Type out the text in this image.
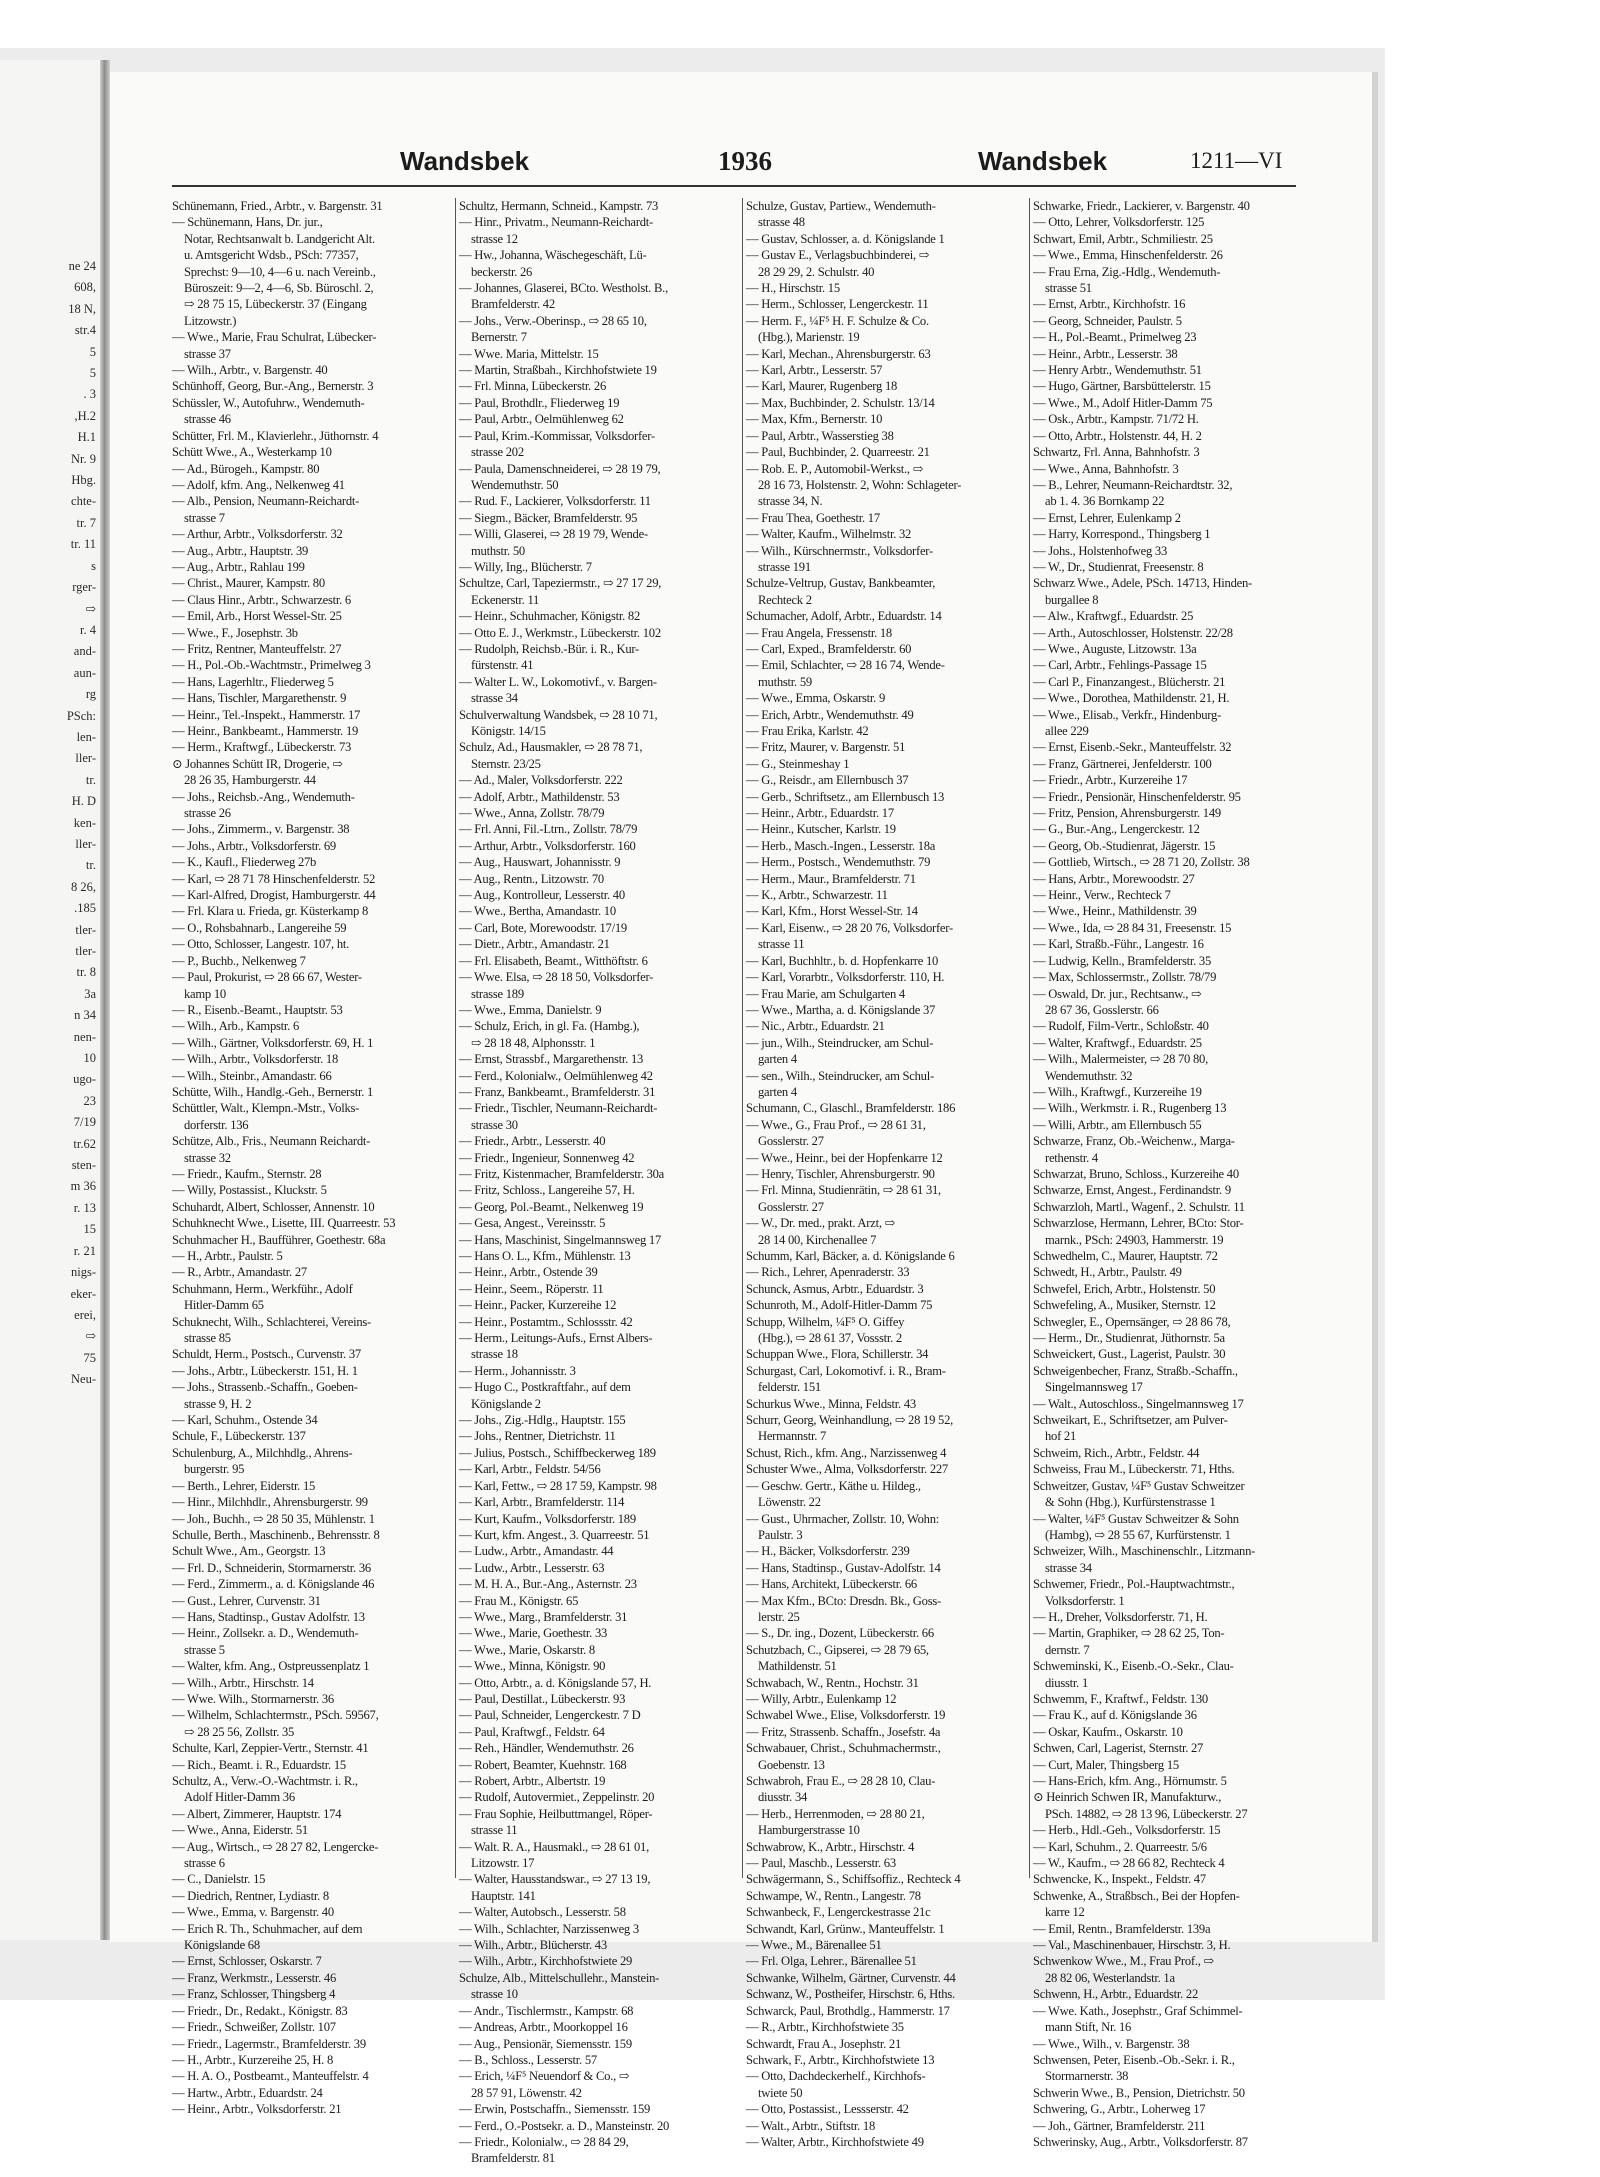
ne 24
608,
18 N,
str.4
5
5
. 3
,H.2
H.1
Nr. 9
Hbg.
chte-
tr. 7
tr. 11
s
rger-
⇨
r. 4
and-
aun-
rg
PSch:
len-
ller-
tr.
H. D
ken-
ller-
tr.
8 26,
.185
tler-
tler-
tr. 8
3a
n 34
nen-
10
ugo-
23
7/19
tr.62
sten-
m 36
r. 13
15
r. 21
nigs-
eker-
erei,
⇨
75
Neu-
Wandsbek	1936	Wandsbek	1211—VI
Schünemann, Fried., Arbtr., v. Bargenstr. 31
— Schünemann, Hans, Dr. jur.,
Notar, Rechtsanwalt b. Landgericht Alt.
u. Amtsgericht Wdsb., PSch: 77357,
Sprechst: 9—10, 4—6 u. nach Vereinb.,
Büroszeit: 9—2, 4—6, Sb. Büroschl. 2,
⇨ 28 75 15, Lübeckerstr. 37 (Eingang
Litzowstr.)
— Wwe., Marie, Frau Schulrat, Lübecker-
strasse 37
— Wilh., Arbtr., v. Bargenstr. 40
Schünhoff, Georg, Bur.-Ang., Bernerstr. 3
Schüssler, W., Autofuhrw., Wendemuth-
strasse 46
Schütter, Frl. M., Klavierlehr., Jüthornstr. 4
Schütt Wwe., A., Westerkamp 10
— Ad., Bürogeh., Kampstr. 80
— Adolf, kfm. Ang., Nelkenweg 41
— Alb., Pension, Neumann-Reichardt-
strasse 7
— Arthur, Arbtr., Volksdorferstr. 32
— Aug., Arbtr., Hauptstr. 39
— Aug., Arbtr., Rahlau 199
— Christ., Maurer, Kampstr. 80
— Claus Hinr., Arbtr., Schwarzestr. 6
— Emil, Arb., Horst Wessel-Str. 25
— Wwe., F., Josephstr. 3b
— Fritz, Rentner, Manteuffelstr. 27
— H., Pol.-Ob.-Wachtmstr., Primelweg 3
— Hans, Lagerhltr., Fliederweg 5
— Hans, Tischler, Margarethenstr. 9
— Heinr., Tel.-Inspekt., Hammerstr. 17
— Heinr., Bankbeamt., Hammerstr. 19
— Herm., Kraftwgf., Lübeckerstr. 73
⊙ Johannes Schütt IR, Drogerie, ⇨
28 26 35, Hamburgerstr. 44
— Johs., Reichsb.-Ang., Wendemuth-
strasse 26
— Johs., Zimmerm., v. Bargenstr. 38
— Johs., Arbtr., Volksdorferstr. 69
— K., Kaufl., Fliederweg 27b
— Karl, ⇨ 28 71 78 Hinschenfelderstr. 52
— Karl-Alfred, Drogist, Hamburgerstr. 44
— Frl. Klara u. Frieda, gr. Küsterkamp 8
— O., Rohsbahnarb., Langereihe 59
— Otto, Schlosser, Langestr. 107, ht.
— P., Buchb., Nelkenweg 7
— Paul, Prokurist, ⇨ 28 66 67, Wester-
kamp 10
— R., Eisenb.-Beamt., Hauptstr. 53
— Wilh., Arb., Kampstr. 6
— Wilh., Gärtner, Volksdorferstr. 69, H. 1
— Wilh., Arbtr., Volksdorferstr. 18
— Wilh., Steinbr., Amandastr. 66
Schütte, Wilh., Handlg.-Geh., Bernerstr. 1
Schüttler, Walt., Klempn.-Mstr., Volks-
dorferstr. 136
Schütze, Alb., Fris., Neumann Reichardt-
strasse 32
— Friedr., Kaufm., Sternstr. 28
— Willy, Postassist., Kluckstr. 5
Schuhardt, Albert, Schlosser, Annenstr. 10
Schuhknecht Wwe., Lisette, III. Quarreestr. 53
Schuhmacher H., Baufführer, Goethestr. 68a
— H., Arbtr., Paulstr. 5
— R., Arbtr., Amandastr. 27
Schuhmann, Herm., Werkführ., Adolf
Hitler-Damm 65
Schuknecht, Wilh., Schlachterei, Vereins-
strasse 85
Schuldt, Herm., Postsch., Curvenstr. 37
— Johs., Arbtr., Lübeckerstr. 151, H. 1
— Johs., Strassenb.-Schaffn., Goeben-
strasse 9, H. 2
— Karl, Schuhm., Ostende 34
Schule, F., Lübeckerstr. 137
Schulenburg, A., Milchhdlg., Ahrens-
burgerstr. 95
— Berth., Lehrer, Eiderstr. 15
— Hinr., Milchhdlr., Ahrensburgerstr. 99
— Joh., Buchh., ⇨ 28 50 35, Mühlenstr. 1
Schulle, Berth., Maschinenb., Behrensstr. 8
Schult Wwe., Am., Georgstr. 13
— Frl. D., Schneiderin, Stormarnerstr. 36
— Ferd., Zimmerm., a. d. Königslande 46
— Gust., Lehrer, Curvenstr. 31
— Hans, Stadtinsp., Gustav Adolfstr. 13
— Heinr., Zollsekr. a. D., Wendemuth-
strasse 5
— Walter, kfm. Ang., Ostpreussenplatz 1
— Wilh., Arbtr., Hirschstr. 14
— Wwe. Wilh., Stormarnerstr. 36
— Wilhelm, Schlachtermstr., PSch. 59567,
⇨ 28 25 56, Zollstr. 35
Schulte, Karl, Zeppier-Vertr., Sternstr. 41
— Rich., Beamt. i. R., Eduardstr. 15
Schultz, A., Verw.-O.-Wachtmstr. i. R.,
Adolf Hitler-Damm 36
— Albert, Zimmerer, Hauptstr. 174
— Wwe., Anna, Eiderstr. 51
— Aug., Wirtsch., ⇨ 28 27 82, Lengercke-
strasse 6
— C., Danielstr. 15
— Diedrich, Rentner, Lydiastr. 8
— Wwe., Emma, v. Bargenstr. 40
— Erich R. Th., Schuhmacher, auf dem
Königslande 68
— Ernst, Schlosser, Oskarstr. 7
— Franz, Werkmstr., Lesserstr. 46
— Franz, Schlosser, Thingsberg 4
— Friedr., Dr., Redakt., Königstr. 83
— Friedr., Schweißer, Zollstr. 107
— Friedr., Lagermstr., Bramfelderstr. 39
— H., Arbtr., Kurzereihe 25, H. 8
— H. A. O., Postbeamt., Manteuffelstr. 4
— Hartw., Arbtr., Eduardstr. 24
— Heinr., Arbtr., Volksdorferstr. 21
Schultz, Hermann, Schneid., Kampstr. 73
— Hinr., Privatm., Neumann-Reichardt-
strasse 12
— Hw., Johanna, Wäschegeschäft, Lü-
beckerstr. 26
— Johannes, Glaserei, BCto. Westholst. B.,
Bramfelderstr. 42
— Johs., Verw.-Oberinsp., ⇨ 28 65 10,
Bernerstr. 7
— Wwe. Maria, Mittelstr. 15
— Martin, Straßbah., Kirchhofstwiete 19
— Frl. Minna, Lübeckerstr. 26
— Paul, Brothdlr., Fliederweg 19
— Paul, Arbtr., Oelmühlenweg 62
— Paul, Krim.-Kommissar, Volksdorfer-
strasse 202
— Paula, Damenschneiderei, ⇨ 28 19 79,
Wendemuthstr. 50
— Rud. F., Lackierer, Volksdorferstr. 11
— Siegm., Bäcker, Bramfelderstr. 95
— Willi, Glaserei, ⇨ 28 19 79, Wende-
muthstr. 50
— Willy, Ing., Blücherstr. 7
Schultze, Carl, Tapeziermstr., ⇨ 27 17 29,
Eckenerstr. 11
— Heinr., Schuhmacher, Königstr. 82
— Otto E. J., Werkmstr., Lübeckerstr. 102
— Rudolph, Reichsb.-Bür. i. R., Kur-
fürstenstr. 41
— Walter L. W., Lokomotivf., v. Bargen-
strasse 34
Schulverwaltung Wandsbek, ⇨ 28 10 71,
Königstr. 14/15
Schulz, Ad., Hausmakler, ⇨ 28 78 71,
Sternstr. 23/25
— Ad., Maler, Volksdorferstr. 222
— Adolf, Arbtr., Mathildenstr. 53
— Wwe., Anna, Zollstr. 78/79
— Frl. Anni, Fil.-Ltrn., Zollstr. 78/79
— Arthur, Arbtr., Volksdorferstr. 160
— Aug., Hauswart, Johannisstr. 9
— Aug., Rentn., Litzowstr. 70
— Aug., Kontrolleur, Lesserstr. 40
— Wwe., Bertha, Amandastr. 10
— Carl, Bote, Morewoodstr. 17/19
— Dietr., Arbtr., Amandastr. 21
— Frl. Elisabeth, Beamt., Witthöftstr. 6
— Wwe. Elsa, ⇨ 28 18 50, Volksdorfer-
strasse 189
— Wwe., Emma, Danielstr. 9
— Schulz, Erich, in gl. Fa. (Hambg.),
⇨ 28 18 48, Alphonsstr. 1
— Ernst, Strassbf., Margarethenstr. 13
— Ferd., Kolonialw., Oelmühlenweg 42
— Franz, Bankbeamt., Bramfelderstr. 31
— Friedr., Tischler, Neumann-Reichardt-
strasse 30
— Friedr., Arbtr., Lesserstr. 40
— Friedr., Ingenieur, Sonnenweg 42
— Fritz, Kistenmacher, Bramfelderstr. 30a
— Fritz, Schloss., Langereihe 57, H.
— Georg, Pol.-Beamt., Nelkenweg 19
— Gesa, Angest., Vereinsstr. 5
— Hans, Maschinist, Singelmannsweg 17
— Hans O. L., Kfm., Mühlenstr. 13
— Heinr., Arbtr., Ostende 39
— Heinr., Seem., Röperstr. 11
— Heinr., Packer, Kurzereihe 12
— Heinr., Postamtm., Schlossstr. 42
— Herm., Leitungs-Aufs., Ernst Albers-
strasse 18
— Herm., Johannisstr. 3
— Hugo C., Postkraftfahr., auf dem
Königslande 2
— Johs., Zig.-Hdlg., Hauptstr. 155
— Johs., Rentner, Dietrichstr. 11
— Julius, Postsch., Schiffbeckerweg 189
— Karl, Arbtr., Feldstr. 54/56
— Karl, Fettw., ⇨ 28 17 59, Kampstr. 98
— Karl, Arbtr., Bramfelderstr. 114
— Kurt, Kaufm., Volksdorferstr. 189
— Kurt, kfm. Angest., 3. Quarreestr. 51
— Ludw., Arbtr., Amandastr. 44
— Ludw., Arbtr., Lesserstr. 63
— M. H. A., Bur.-Ang., Asternstr. 23
— Frau M., Königstr. 65
— Wwe., Marg., Bramfelderstr. 31
— Wwe., Marie, Goethestr. 33
— Wwe., Marie, Oskarstr. 8
— Wwe., Minna, Königstr. 90
— Otto, Arbtr., a. d. Königslande 57, H.
— Paul, Destillat., Lübeckerstr. 93
— Paul, Schneider, Lengerckestr. 7 D
— Paul, Kraftwgf., Feldstr. 64
— Reh., Händler, Wendemuthstr. 26
— Robert, Beamter, Kuehnstr. 168
— Robert, Arbtr., Albertstr. 19
— Rudolf, Autovermiet., Zeppelinstr. 20
— Frau Sophie, Heilbuttmangel, Röper-
strasse 11
— Walt. R. A., Hausmakl., ⇨ 28 61 01,
Litzowstr. 17
— Walter, Hausstandswar., ⇨ 27 13 19,
Hauptstr. 141
— Walter, Autobsch., Lesserstr. 58
— Wilh., Schlachter, Narzissenweg 3
— Wilh., Arbtr., Blücherstr. 43
— Wilh., Arbtr., Kirchhofstwiete 29
Schulze, Alb., Mittelschullehr., Manstein-
strasse 10
— Andr., Tischlermstr., Kampstr. 68
— Andreas, Arbtr., Moorkoppel 16
— Aug., Pensionär, Siemensstr. 159
— B., Schloss., Lesserstr. 57
— Erich, ¼F⁵ Neuendorf & Co., ⇨
28 57 91, Löwenstr. 42
— Erwin, Postschaffn., Siemensstr. 159
— Ferd., O.-Postsekr. a. D., Mansteinstr. 20
— Friedr., Kolonialw., ⇨ 28 84 29,
Bramfelderstr. 81
Schulze, Gustav, Partiew., Wendemuth-
strasse 48
— Gustav, Schlosser, a. d. Königslande 1
— Gustav E., Verlagsbuchbinderei, ⇨
28 29 29, 2. Schulstr. 40
— H., Hirschstr. 15
— Herm., Schlosser, Lengerckestr. 11
— Herm. F., ¼F⁵ H. F. Schulze & Co.
(Hbg.), Marienstr. 19
— Karl, Mechan., Ahrensburgerstr. 63
— Karl, Arbtr., Lesserstr. 57
— Karl, Maurer, Rugenberg 18
— Max, Buchbinder, 2. Schulstr. 13/14
— Max, Kfm., Bernerstr. 10
— Paul, Arbtr., Wasserstieg 38
— Paul, Buchbinder, 2. Quarreestr. 21
— Rob. E. P., Automobil-Werkst., ⇨
28 16 73, Holstenstr. 2, Wohn: Schlageter-
strasse 34, N.
— Frau Thea, Goethestr. 17
— Walter, Kaufm., Wilhelmstr. 32
— Wilh., Kürschnermstr., Volksdorfer-
strasse 191
Schulze-Veltrup, Gustav, Bankbeamter,
Rechteck 2
Schumacher, Adolf, Arbtr., Eduardstr. 14
— Frau Angela, Fressenstr. 18
— Carl, Exped., Bramfelderstr. 60
— Emil, Schlachter, ⇨ 28 16 74, Wende-
muthstr. 59
— Wwe., Emma, Oskarstr. 9
— Erich, Arbtr., Wendemuthstr. 49
— Frau Erika, Karlstr. 42
— Fritz, Maurer, v. Bargenstr. 51
— G., Steinmeshay 1
— G., Reisdr., am Ellernbusch 37
— Gerb., Schriftsetz., am Ellernbusch 13
— Heinr., Arbtr., Eduardstr. 17
— Heinr., Kutscher, Karlstr. 19
— Herb., Masch.-Ingen., Lesserstr. 18a
— Herm., Postsch., Wendemuthstr. 79
— Herm., Maur., Bramfelderstr. 71
— K., Arbtr., Schwarzestr. 11
— Karl, Kfm., Horst Wessel-Str. 14
— Karl, Eisenw., ⇨ 28 20 76, Volksdorfer-
strasse 11
— Karl, Buchhltr., b. d. Hopfenkarre 10
— Karl, Vorarbtr., Volksdorferstr. 110, H.
— Frau Marie, am Schulgarten 4
— Wwe., Martha, a. d. Königslande 37
— Nic., Arbtr., Eduardstr. 21
— jun., Wilh., Steindrucker, am Schul-
garten 4
— sen., Wilh., Steindrucker, am Schul-
garten 4
Schumann, C., Glaschl., Bramfelderstr. 186
— Wwe., G., Frau Prof., ⇨ 28 61 31,
Gosslerstr. 27
— Wwe., Heinr., bei der Hopfenkarre 12
— Henry, Tischler, Ahrensburgerstr. 90
— Frl. Minna, Studienrätin, ⇨ 28 61 31,
Gosslerstr. 27
— W., Dr. med., prakt. Arzt, ⇨
28 14 00, Kirchenallee 7
Schumm, Karl, Bäcker, a. d. Königslande 6
— Rich., Lehrer, Apenraderstr. 33
Schunck, Asmus, Arbtr., Eduardstr. 3
Schunroth, M., Adolf-Hitler-Damm 75
Schupp, Wilhelm, ¼F⁵ O. Giffey
(Hbg.), ⇨ 28 61 37, Vossstr. 2
Schuppan Wwe., Flora, Schillerstr. 34
Schurgast, Carl, Lokomotivf. i. R., Bram-
felderstr. 151
Schurkus Wwe., Minna, Feldstr. 43
Schurr, Georg, Weinhandlung, ⇨ 28 19 52,
Hermannstr. 7
Schust, Rich., kfm. Ang., Narzissenweg 4
Schuster Wwe., Alma, Volksdorferstr. 227
— Geschw. Gertr., Käthe u. Hildeg.,
Löwenstr. 22
— Gust., Uhrmacher, Zollstr. 10, Wohn:
Paulstr. 3
— H., Bäcker, Volksdorferstr. 239
— Hans, Stadtinsp., Gustav-Adolfstr. 14
— Hans, Architekt, Lübeckerstr. 66
— Max Kfm., BCto: Dresdn. Bk., Goss-
lerstr. 25
— S., Dr. ing., Dozent, Lübeckerstr. 66
Schutzbach, C., Gipserei, ⇨ 28 79 65,
Mathildenstr. 51
Schwabach, W., Rentn., Hochstr. 31
— Willy, Arbtr., Eulenkamp 12
Schwabel Wwe., Elise, Volksdorferstr. 19
— Fritz, Strassenb. Schaffn., Josefstr. 4a
Schwabauer, Christ., Schuhmachermstr.,
Goebenstr. 13
Schwabroh, Frau E., ⇨ 28 28 10, Clau-
diusstr. 34
— Herb., Herrenmoden, ⇨ 28 80 21,
Hamburgerstrasse 10
Schwabrow, K., Arbtr., Hirschstr. 4
— Paul, Maschb., Lesserstr. 63
Schwägermann, S., Schiffsoffiz., Rechteck 4
Schwampe, W., Rentn., Langestr. 78
Schwanbeck, F., Lengerckestrasse 21c
Schwandt, Karl, Grünw., Manteuffelstr. 1
— Wwe., M., Bärenallee 51
— Frl. Olga, Lehrer., Bärenallee 51
Schwanke, Wilhelm, Gärtner, Curvenstr. 44
Schwanz, W., Postheifer, Hirschstr. 6, Hths.
Schwarck, Paul, Brothdlg., Hammerstr. 17
— R., Arbtr., Kirchhofstwiete 35
Schwardt, Frau A., Josephstr. 21
Schwark, F., Arbtr., Kirchhofstwiete 13
— Otto, Dachdeckerhelf., Kirchhofs-
twiete 50
— Otto, Postassist., Lessserstr. 42
— Walt., Arbtr., Stiftstr. 18
— Walter, Arbtr., Kirchhofstwiete 49
Schwarke, Friedr., Lackierer, v. Bargenstr. 40
— Otto, Lehrer, Volksdorferstr. 125
Schwart, Emil, Arbtr., Schmiliestr. 25
— Wwe., Emma, Hinschenfelderstr. 26
— Frau Erna, Zig.-Hdlg., Wendemuth-
strasse 51
— Ernst, Arbtr., Kirchhofstr. 16
— Georg, Schneider, Paulstr. 5
— H., Pol.-Beamt., Primelweg 23
— Heinr., Arbtr., Lesserstr. 38
— Henry Arbtr., Wendemuthstr. 51
— Hugo, Gärtner, Barsbüttelerstr. 15
— Wwe., M., Adolf Hitler-Damm 75
— Osk., Arbtr., Kampstr. 71/72 H.
— Otto, Arbtr., Holstenstr. 44, H. 2
Schwartz, Frl. Anna, Bahnhofstr. 3
— Wwe., Anna, Bahnhofstr. 3
— B., Lehrer, Neumann-Reichardtstr. 32,
ab 1. 4. 36 Bornkamp 22
— Ernst, Lehrer, Eulenkamp 2
— Harry, Korrespond., Thingsberg 1
— Johs., Holstenhofweg 33
— W., Dr., Studienrat, Freesenstr. 8
Schwarz Wwe., Adele, PSch. 14713, Hinden-
burgallee 8
— Alw., Kraftwgf., Eduardstr. 25
— Arth., Autoschlosser, Holstenstr. 22/28
— Wwe., Auguste, Litzowstr. 13a
— Carl, Arbtr., Fehlings-Passage 15
— Carl P., Finanzangest., Blücherstr. 21
— Wwe., Dorothea, Mathildenstr. 21, H.
— Wwe., Elisab., Verkfr., Hindenburg-
allee 229
— Ernst, Eisenb.-Sekr., Manteuffelstr. 32
— Franz, Gärtnerei, Jenfelderstr. 100
— Friedr., Arbtr., Kurzereihe 17
— Friedr., Pensionär, Hinschenfelderstr. 95
— Fritz, Pension, Ahrensburgerstr. 149
— G., Bur.-Ang., Lengerckestr. 12
— Georg, Ob.-Studienrat, Jägerstr. 15
— Gottlieb, Wirtsch., ⇨ 28 71 20, Zollstr. 38
— Hans, Arbtr., Morewoodstr. 27
— Heinr., Verw., Rechteck 7
— Wwe., Heinr., Mathildenstr. 39
— Wwe., Ida, ⇨ 28 84 31, Freesenstr. 15
— Karl, Straßb.-Führ., Langestr. 16
— Ludwig, Kelln., Bramfelderstr. 35
— Max, Schlossermstr., Zollstr. 78/79
— Oswald, Dr. jur., Rechtsanw., ⇨
28 67 36, Gosslerstr. 66
— Rudolf, Film-Vertr., Schloßstr. 40
— Walter, Kraftwgf., Eduardstr. 25
— Wilh., Malermeister, ⇨ 28 70 80,
Wendemuthstr. 32
— Wilh., Kraftwgf., Kurzereihe 19
— Wilh., Werkmstr. i. R., Rugenberg 13
— Willi, Arbtr., am Ellernbusch 55
Schwarze, Franz, Ob.-Weichenw., Marga-
rethenstr. 4
Schwarzat, Bruno, Schloss., Kurzereihe 40
Schwarze, Ernst, Angest., Ferdinandstr. 9
Schwarzloh, Martl., Wagenf., 2. Schulstr. 11
Schwarzlose, Hermann, Lehrer, BCto: Stor-
marnk., PSch: 24903, Hammerstr. 19
Schwedhelm, C., Maurer, Hauptstr. 72
Schwedt, H., Arbtr., Paulstr. 49
Schwefel, Erich, Arbtr., Holstenstr. 50
Schwefeling, A., Musiker, Sternstr. 12
Schwegler, E., Opernsänger, ⇨ 28 86 78,
— Herm., Dr., Studienrat, Jüthornstr. 5a
Schweickert, Gust., Lagerist, Paulstr. 30
Schweigenbecher, Franz, Straßb.-Schaffn.,
Singelmannsweg 17
— Walt., Autoschloss., Singelmannsweg 17
Schweikart, E., Schriftsetzer, am Pulver-
hof 21
Schweim, Rich., Arbtr., Feldstr. 44
Schweiss, Frau M., Lübeckerstr. 71, Hths.
Schweitzer, Gustav, ¼F⁵ Gustav Schweitzer
& Sohn (Hbg.), Kurfürstenstrasse 1
— Walter, ¼F⁵ Gustav Schweitzer & Sohn
(Hambg), ⇨ 28 55 67, Kurfürstenstr. 1
Schweizer, Wilh., Maschinenschlr., Litzmann-
strasse 34
Schwemer, Friedr., Pol.-Hauptwachtmstr.,
Volksdorferstr. 1
— H., Dreher, Volksdorferstr. 71, H.
— Martin, Graphiker, ⇨ 28 62 25, Ton-
dernstr. 7
Schweminski, K., Eisenb.-O.-Sekr., Clau-
diusstr. 1
Schwemm, F., Kraftwf., Feldstr. 130
— Frau K., auf d. Königslande 36
— Oskar, Kaufm., Oskarstr. 10
Schwen, Carl, Lagerist, Sternstr. 27
— Curt, Maler, Thingsberg 15
— Hans-Erich, kfm. Ang., Hörnumstr. 5
⊙ Heinrich Schwen IR, Manufakturw.,
PSch. 14882, ⇨ 28 13 96, Lübeckerstr. 27
— Herb., Hdl.-Geh., Volksdorferstr. 15
— Karl, Schuhm., 2. Quarreestr. 5/6
— W., Kaufm., ⇨ 28 66 82, Rechteck 4
Schwencke, K., Inspekt., Feldstr. 47
Schwenke, A., Straßbsch., Bei der Hopfen-
karre 12
— Emil, Rentn., Bramfelderstr. 139a
— Val., Maschinenbauer, Hirschstr. 3, H.
Schwenkow Wwe., M., Frau Prof., ⇨
28 82 06, Westerlandstr. 1a
Schwenn, H., Arbtr., Eduardstr. 22
— Wwe. Kath., Josephstr., Graf Schimmel-
mann Stift, Nr. 16
— Wwe., Wilh., v. Bargenstr. 38
Schwensen, Peter, Eisenb.-Ob.-Sekr. i. R.,
Stormarnerstr. 38
Schwerin Wwe., B., Pension, Dietrichstr. 50
Schwering, G., Arbtr., Loherweg 17
— Joh., Gärtner, Bramfelderstr. 211
Schwerinsky, Aug., Arbtr., Volksdorferstr. 87
